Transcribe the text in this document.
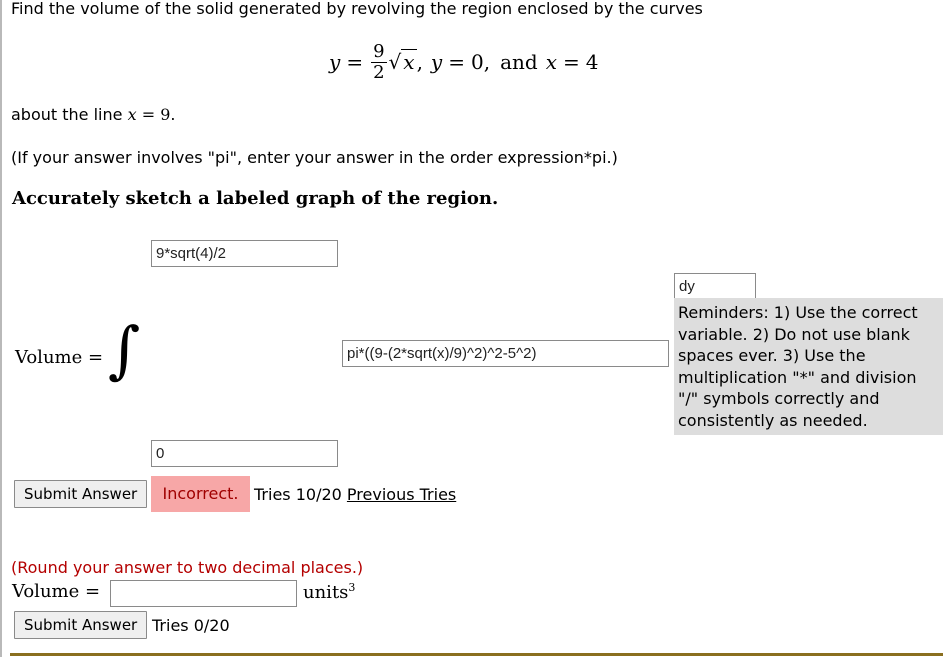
Find the volume of the solid generated by revolving the region enclosed by the curves
$y = \frac{9}{2}$ √ x , y = 0 , and x = 4
about the line x = 9.
(If your answer involves "pi", enter your answer in the order expression*pi.)
Accurately sketch a labeled graph of the region.
9*sqrt(4)/2
dy
Volume = ∫
pi*((9-(2*sqrt(x)/9)^2)^2-5^2)
Reminders: 1) Use the correct variable. 2) Do not use blank spaces ever. 3) Use the multiplication "*" and division "/" symbols correctly and consistently as needed.
0
Submit Answer	Incorrect. Tries 10/20 Previous Tries
(Round your answer to two decimal places.)
Volume =	units$^3$
Submit Answer Tries 0/20
